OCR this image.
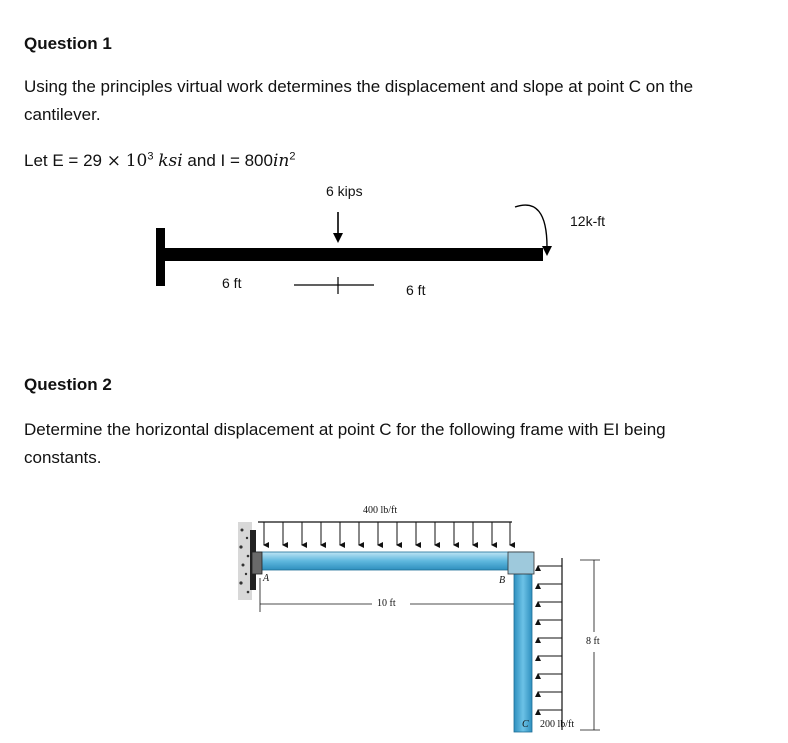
Question 1
Using the principles virtual work determines the displacement and slope at point C on the
cantilever.
Let $E = 29 \times 10^3$ ksi and $I = 800in^2$
6 kips
12k-ft
6 ft	6 ft
Question 2
Determine the horizontal displacement at point C for the following frame with EI being
constants.
400 lb/ft
10 ft
8 ft
200 lb/ft
A	B
C
